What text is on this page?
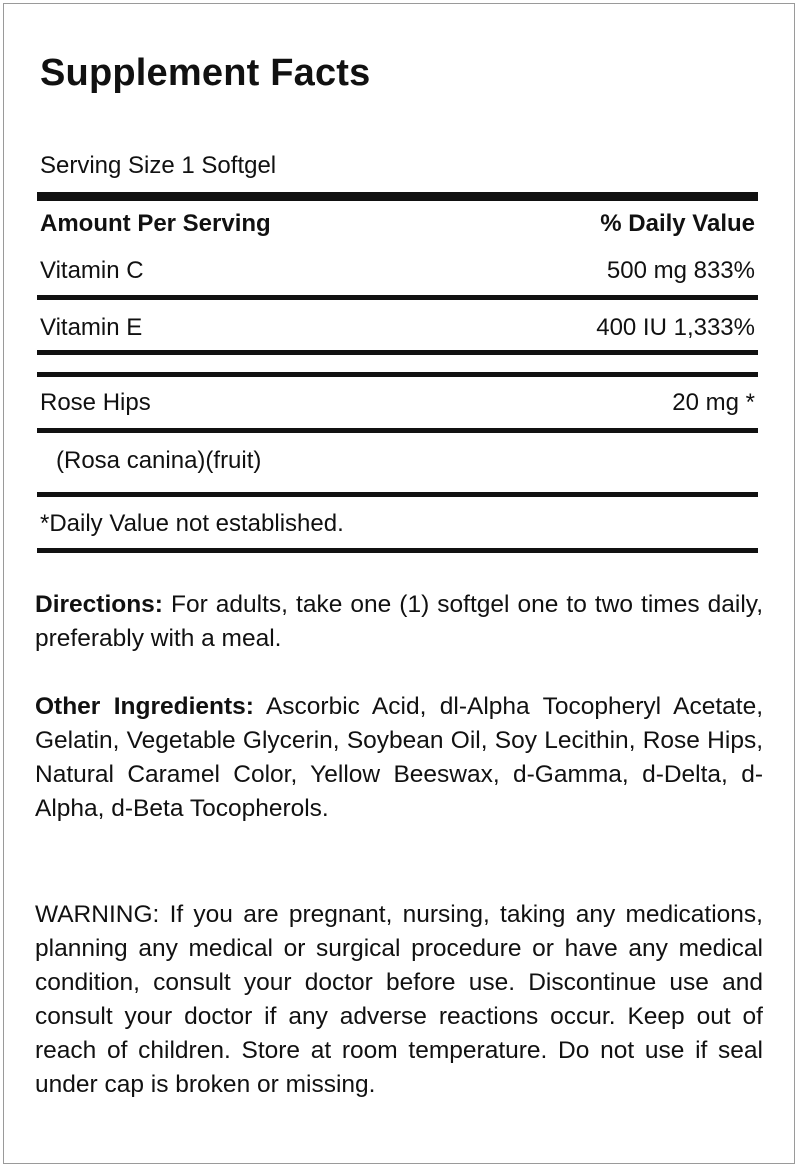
Supplement Facts
Serving Size 1 Softgel
Amount Per Serving	% Daily Value
Vitamin C	500 mg 833%
Vitamin E	400 IU 1,333%
Rose Hips	20 mg *
(Rosa canina)(fruit)
*Daily Value not established.
Directions: For adults, take one (1) softgel one to two times daily, preferably with a meal.
Other Ingredients: Ascorbic Acid, dl-Alpha Tocopheryl Acetate, Gelatin, Vegetable Glycerin, Soybean Oil, Soy Lecithin, Rose Hips, Natural Caramel Color, Yellow Beeswax, d-Gamma, d-Delta, d-Alpha, d-Beta Tocopherols.
WARNING: If you are pregnant, nursing, taking any medications, planning any medical or surgical procedure or have any medical condition, consult your doctor before use. Discontinue use and consult your doctor if any adverse reactions occur. Keep out of reach of children. Store at room temperature. Do not use if seal under cap is broken or missing.
